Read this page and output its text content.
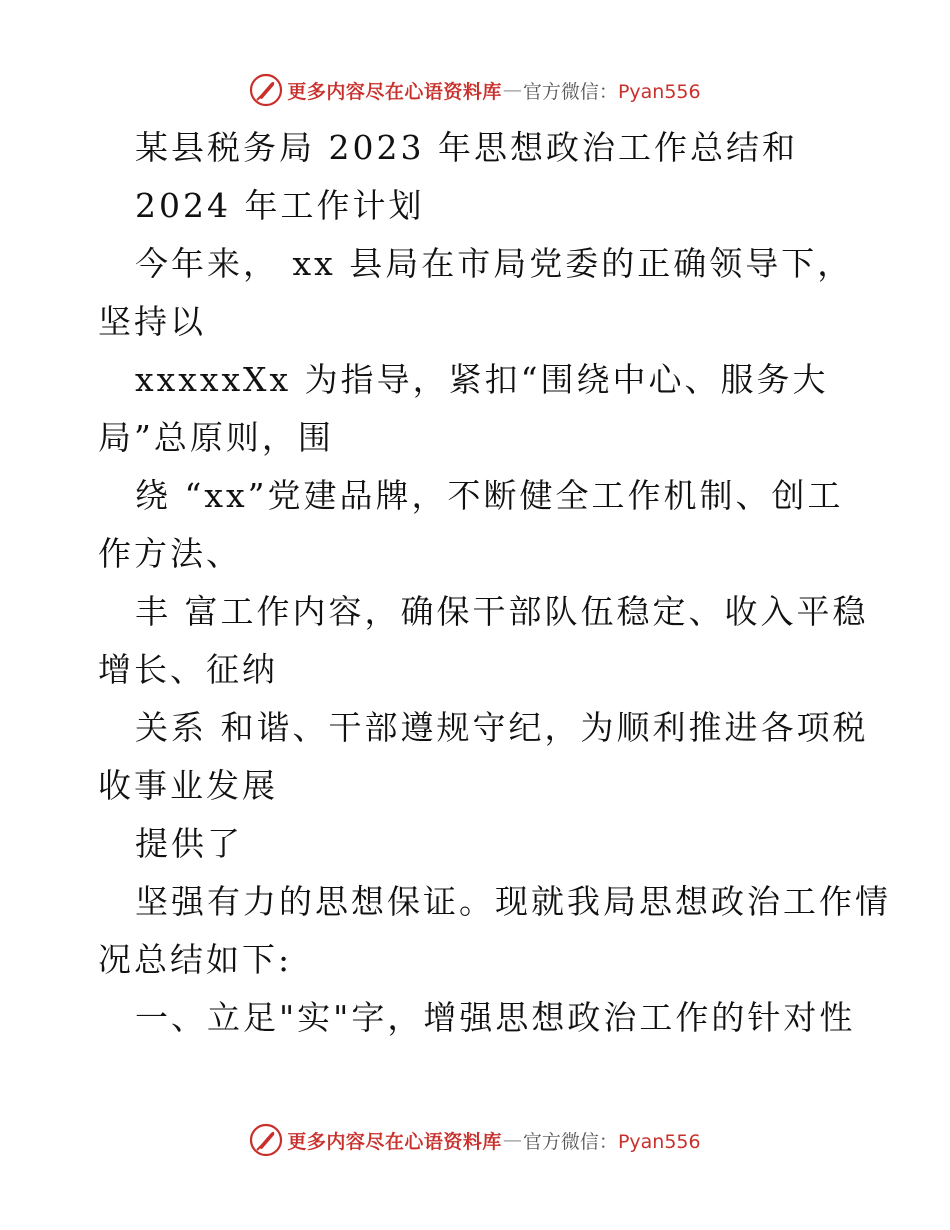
更多内容尽在心语资料库 — 官方微信：Pyan556
某县税务局 2023 年思想政治工作总结和
2024 年工作计划
今年来， xx 县局在市局党委的正确领导下，
坚持以
xxxxxXx 为指导，紧扣“围绕中心、服务大
局”总原则，围
绕 “xx”党建品牌，不断健全工作机制、创工
作方法、
丰 富工作内容，确保干部队伍稳定、收入平稳
增长、征纳
关系 和谐、干部遵规守纪，为顺利推进各项税
收事业发展
提供了
坚强有力的思想保证。现就我局思想政治工作情
况总结如下:
一、立足"实"字，增强思想政治工作的针对性
更多内容尽在心语资料库 — 官方微信：Pyan556
